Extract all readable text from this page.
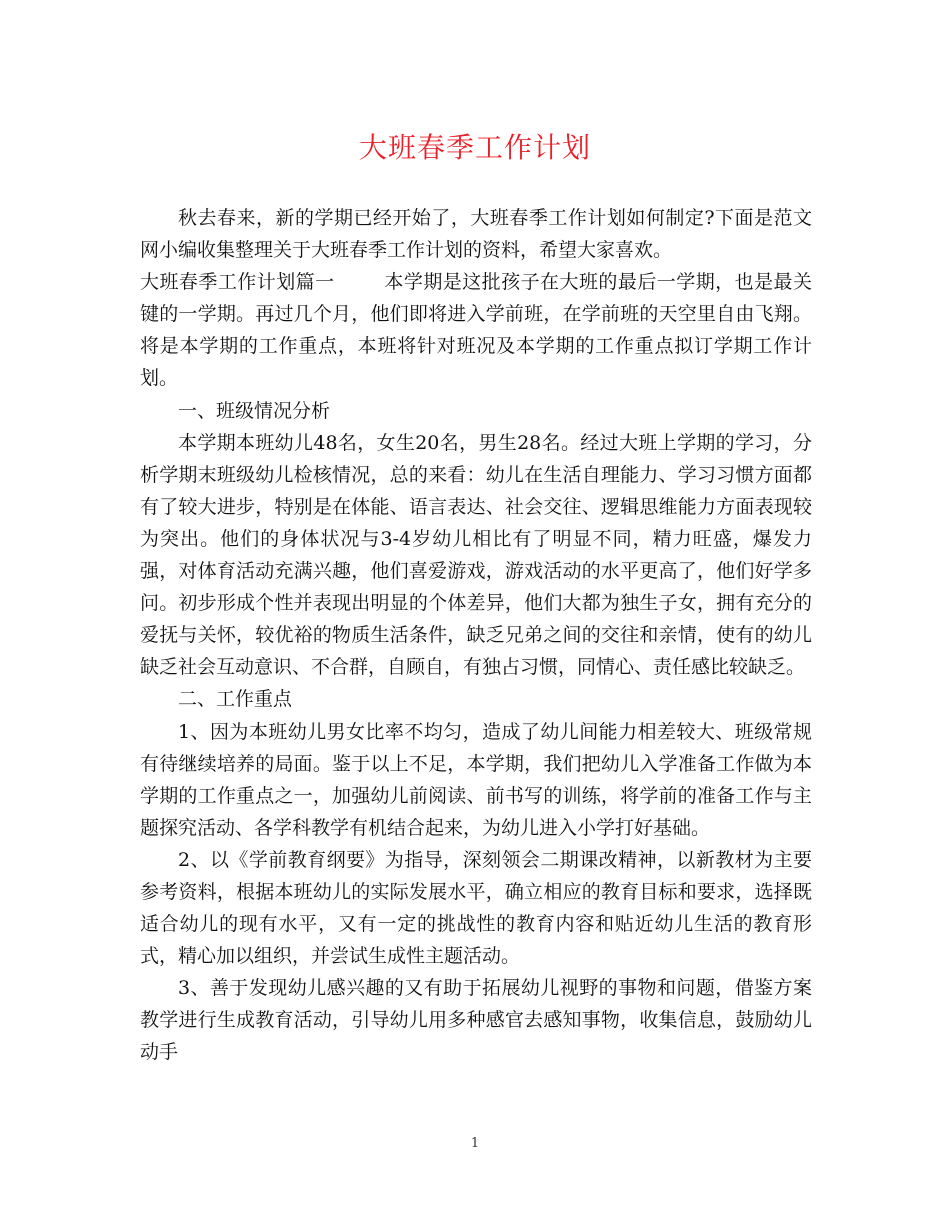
大班春季工作计划

秋去春来，新的学期已经开始了，大班春季工作计划如何制定?下面是范文网小编收集整理关于大班春季工作计划的资料，希望大家喜欢。

大班春季工作计划篇一	本学期是这批孩子在大班的最后一学期，也是最关键的一学期。再过几个月，他们即将进入学前班，在学前班的天空里自由飞翔。将是本学期的工作重点，本班将针对班况及本学期的工作重点拟订学期工作计划。

一、班级情况分析

本学期本班幼儿48名，女生20名，男生28名。经过大班上学期的学习，分析学期末班级幼儿检核情况，总的来看：幼儿在生活自理能力、学习习惯方面都有了较大进步，特别是在体能、语言表达、社会交往、逻辑思维能力方面表现较为突出。他们的身体状况与3-4岁幼儿相比有了明显不同，精力旺盛，爆发力强，对体育活动充满兴趣，他们喜爱游戏，游戏活动的水平更高了，他们好学多问。初步形成个性并表现出明显的个体差异，他们大都为独生子女，拥有充分的爱抚与关怀，较优裕的物质生活条件，缺乏兄弟之间的交往和亲情，使有的幼儿缺乏社会互动意识、不合群，自顾自，有独占习惯，同情心、责任感比较缺乏。

二、工作重点

1、因为本班幼儿男女比率不均匀，造成了幼儿间能力相差较大、班级常规有待继续培养的局面。鉴于以上不足，本学期，我们把幼儿入学准备工作做为本学期的工作重点之一，加强幼儿前阅读、前书写的训练，将学前的准备工作与主题探究活动、各学科教学有机结合起来，为幼儿进入小学打好基础。

2、以《学前教育纲要》为指导，深刻领会二期课改精神，以新教材为主要参考资料，根据本班幼儿的实际发展水平，确立相应的教育目标和要求，选择既适合幼儿的现有水平，又有一定的挑战性的教育内容和贴近幼儿生活的教育形式，精心加以组织，并尝试生成性主题活动。

3、善于发现幼儿感兴趣的又有助于拓展幼儿视野的事物和问题，借鉴方案教学进行生成教育活动，引导幼儿用多种感官去感知事物，收集信息，鼓励幼儿动手

1
